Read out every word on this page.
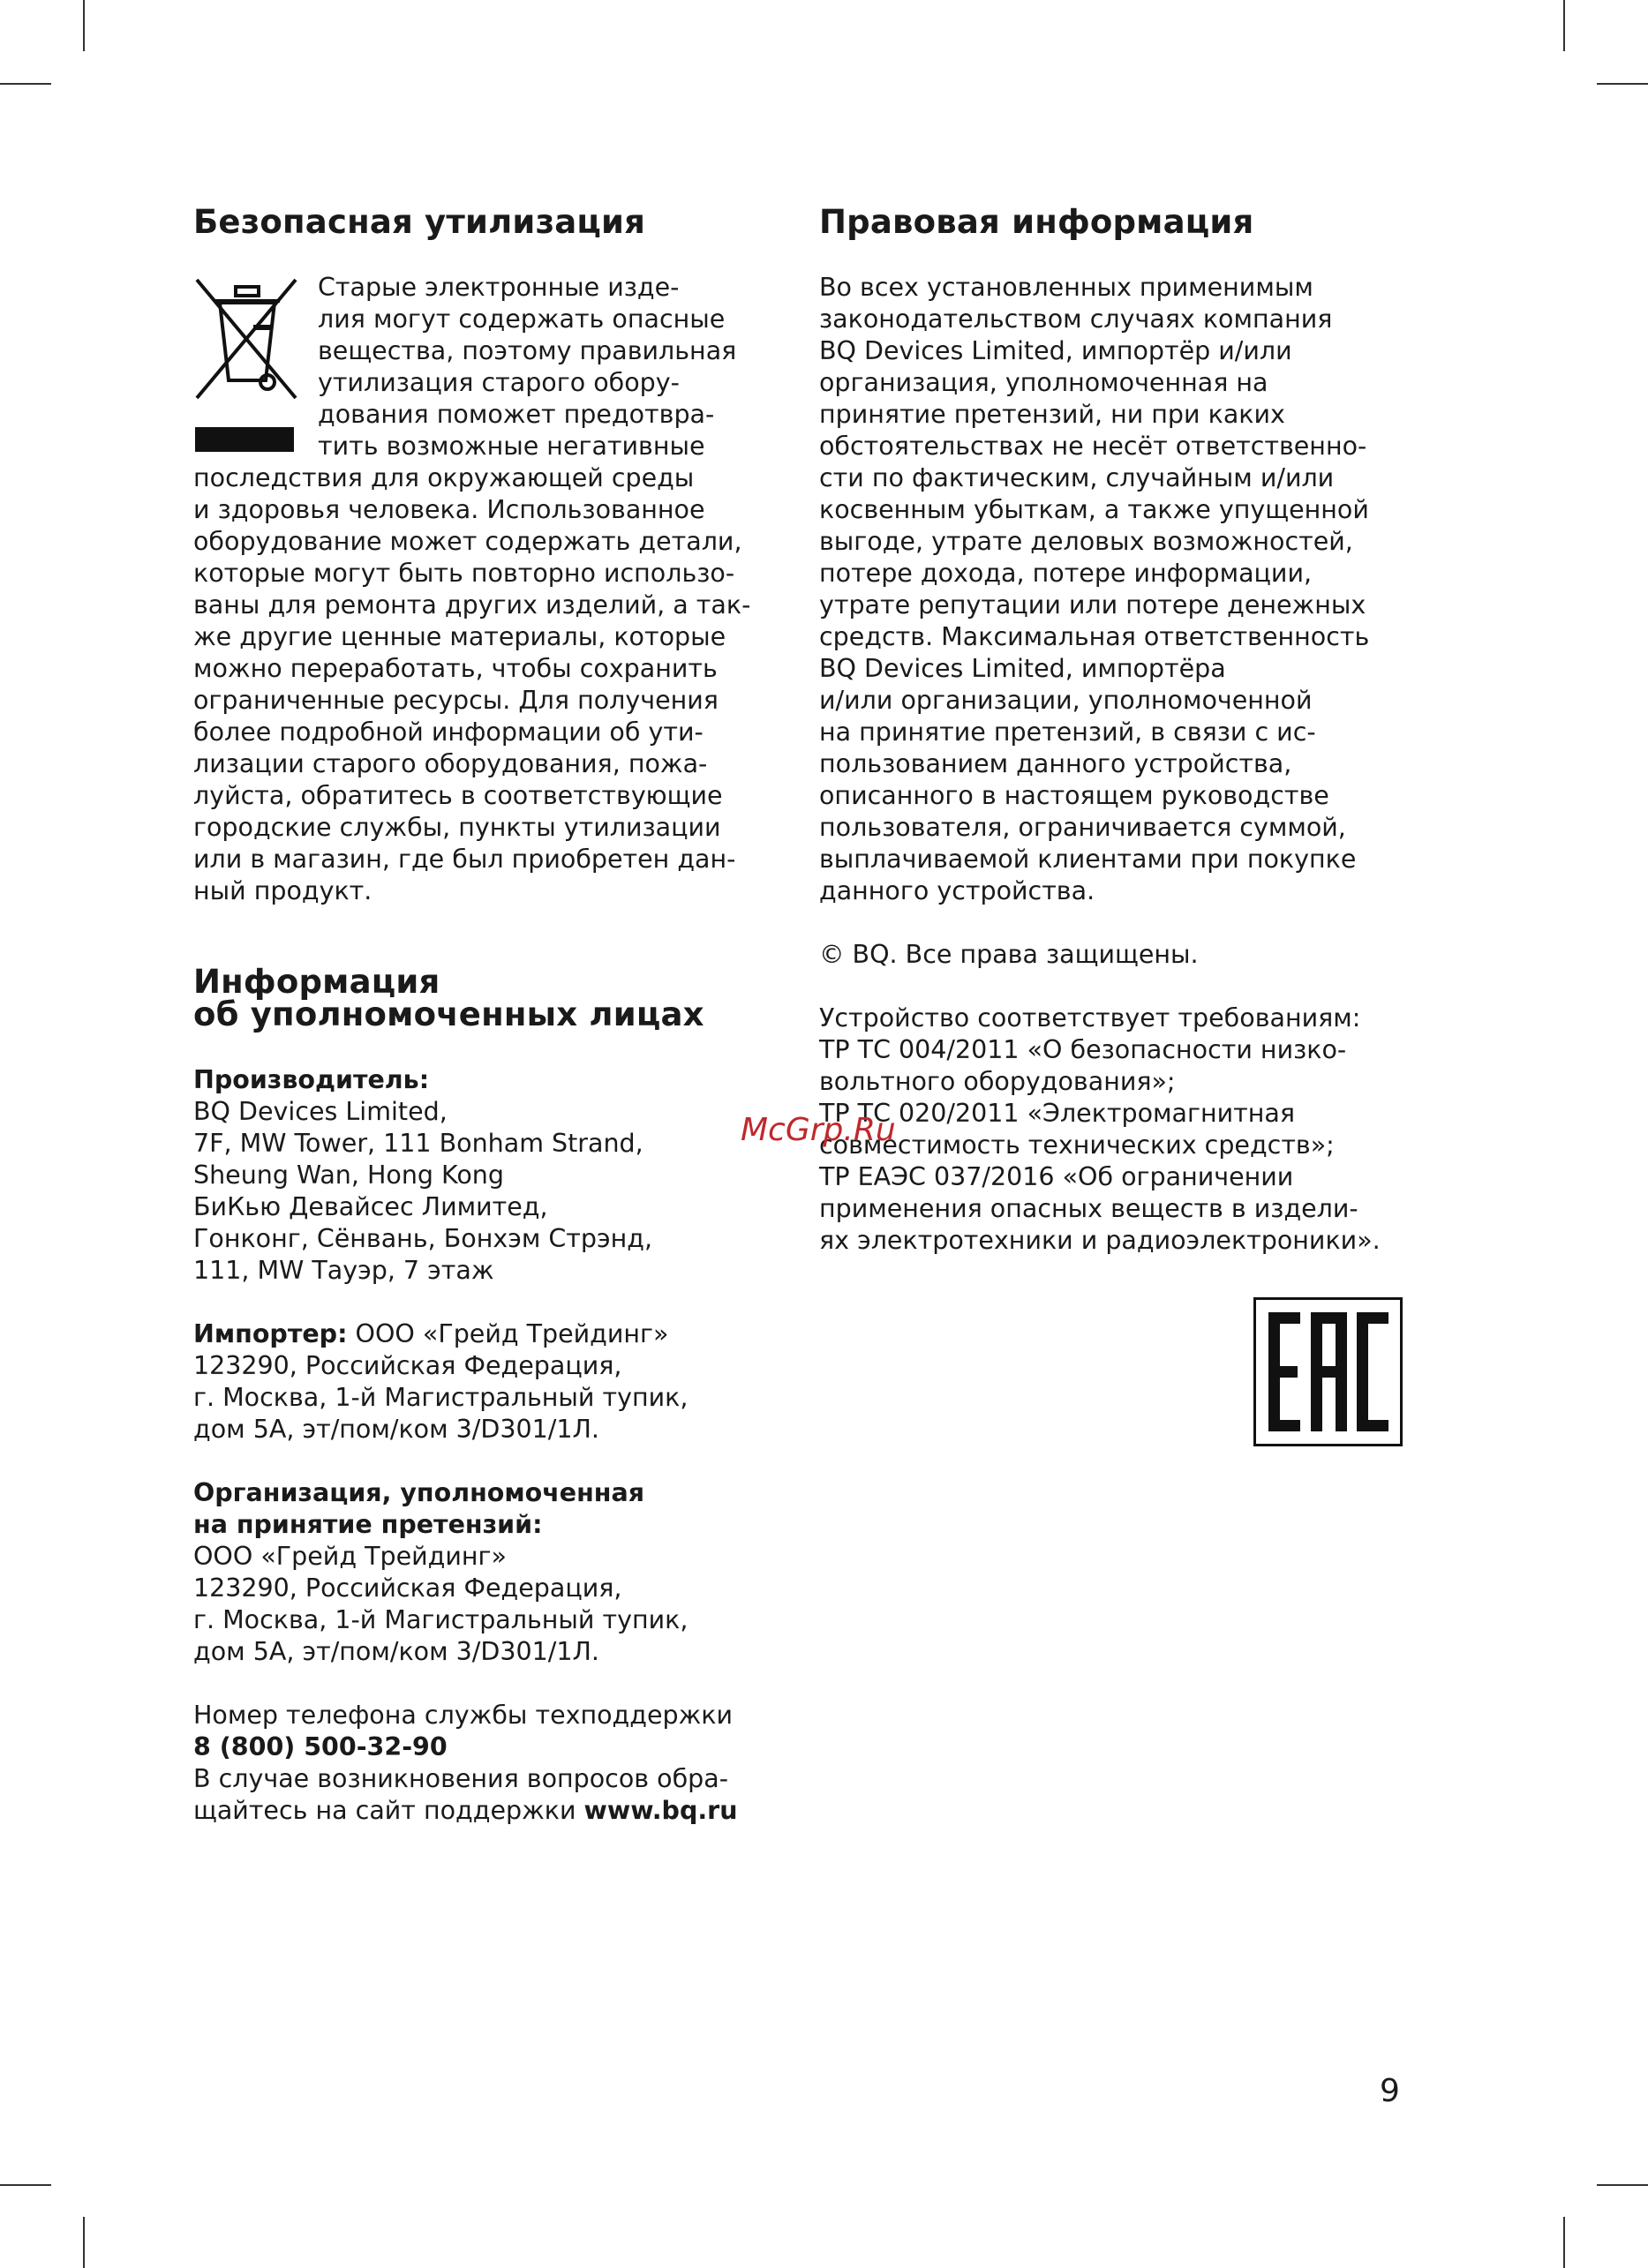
Безопасная утилизация
Старые электронные изде-
лия могут содержать опасные
вещества, поэтому правильная
утилизация старого обору-
дования поможет предотвра-
тить возможные негативные
последствия для окружающей среды
и здоровья человека. Использованное
оборудование может содержать детали,
которые могут быть повторно использо-
ваны для ремонта других изделий, а так-
же другие ценные материалы, которые
можно переработать, чтобы сохранить
ограниченные ресурсы. Для получения
более подробной информации об ути-
лизации старого оборудования, пожа-
луйста, обратитесь в соответствующие
городские службы, пункты утилизации
или в магазин, где был приобретен дан-
ный продукт.
Информация
об уполномоченных лицах
Производитель:
BQ Devices Limited,
7F, MW Tower, 111 Bonham Strand,
Sheung Wan, Hong Kong
БиКью Девайсес Лимитед,
Гонконг, Сёнвань, Бонхэм Стрэнд,
111, MW Тауэр, 7 этаж
Импортер: ООО «Грейд Трейдинг»
123290, Российская Федерация,
г. Москва, 1-й Магистральный тупик,
дом 5А, эт/пом/ком 3/D301/1Л.
Организация, уполномоченная
на принятие претензий:
ООО «Грейд Трейдинг»
123290, Российская Федерация,
г. Москва, 1-й Магистральный тупик,
дом 5А, эт/пом/ком 3/D301/1Л.
Номер телефона службы техподдержки
8 (800) 500-32-90
В случае возникновения вопросов обра-
щайтесь на сайт поддержки www.bq.ru
Правовая информация
Во всех установленных применимым
законодательством случаях компания
BQ Devices Limited, импортёр и/или
организация, уполномоченная на
принятие претензий, ни при каких
обстоятельствах не несёт ответственно-
сти по фактическим, случайным и/или
косвенным убыткам, а также упущенной
выгоде, утрате деловых возможностей,
потере дохода, потере информации,
утрате репутации или потере денежных
средств. Максимальная ответственность
BQ Devices Limited, импортёра
и/или организации, уполномоченной
на принятие претензий, в связи с ис-
пользованием данного устройства,
описанного в настоящем руководстве
пользователя, ограничивается суммой,
выплачиваемой клиентами при покупке
данного устройства.
© BQ. Все права защищены.
Устройство соответствует требованиям:
ТР ТС 004/2011 «О безопасности низко-
вольтного оборудования»;
ТР ТС 020/2011 «Электромагнитная
совместимость технических средств»;
ТР ЕАЭС 037/2016 «Об ограничении
применения опасных веществ в издели-
ях электротехники и радиоэлектроники».
McGrp.Ru
9
